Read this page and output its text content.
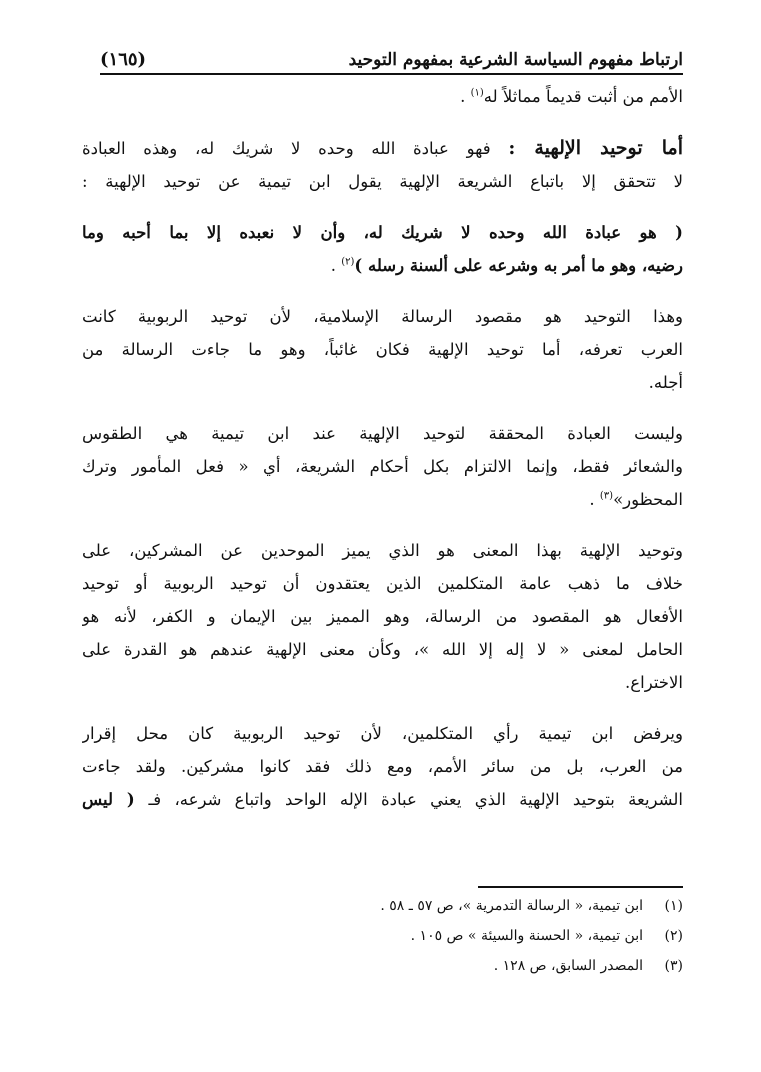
ارتباط مفهوم السياسة الشرعية بمفهوم التوحيد
(١٦٥)
الأمم من أثبت قديماً مماثلاً له$^{(١)}$ .
أما توحيد الإلهية : فهو عبادة الله وحده لا شريك له، وهذه العبادة
لا تتحقق إلا باتباع الشريعة الإلهية يقول ابن تيمية عن توحيد الإلهية :
( هو عبادة الله وحده لا شريك له، وأن لا نعبده إلا بما أحبه وما
رضيه، وهو ما أمر به وشرعه على ألسنة رسله )$^{(٢)}$ .
وهذا التوحيد هو مقصود الرسالة الإسلامية، لأن توحيد الربوبية كانت
العرب تعرفه، أما توحيد الإلهية فكان غائباً، وهو ما جاءت الرسالة من
أجله.
وليست العبادة المحققة لتوحيد الإلهية عند ابن تيمية هي الطقوس
والشعائر فقط، وإنما الالتزام بكل أحكام الشريعة، أي « فعل المأمور وترك
المحظور»$^{(٣)}$ .
وتوحيد الإلهية بهذا المعنى هو الذي يميز الموحدين عن المشركين، على
خلاف ما ذهب عامة المتكلمين الذين يعتقدون أن توحيد الربوبية أو توحيد
الأفعال هو المقصود من الرسالة، وهو المميز بين الإيمان و الكفر، لأنه هو
الحامل لمعنى « لا إله إلا الله »، وكأن معنى الإلهية عندهم هو القدرة على
الاختراع.
ويرفض ابن تيمية رأي المتكلمين، لأن توحيد الربوبية كان محل إقرار
من العرب، بل من سائر الأمم، ومع ذلك فقد كانوا مشركين. ولقد جاءت
الشريعة بتوحيد الإلهية الذي يعني عبادة الإله الواحد واتباع شرعه، فـ ( ليس
(١)ابن تيمية، « الرسالة التدمرية »، ص ٥٧ ـ ٥٨ .
(٢)ابن تيمية، « الحسنة والسيئة » ص ١٠٥ .
(٣)المصدر السابق، ص ١٢٨ .
